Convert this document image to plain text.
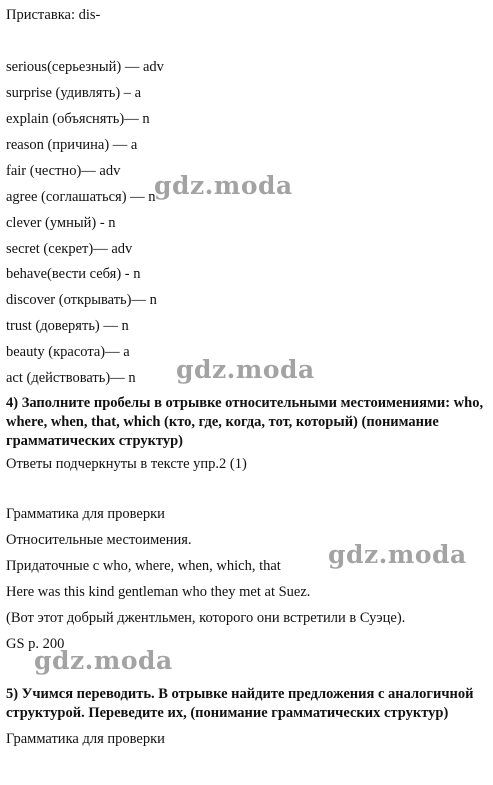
Приставка: dis-
serious(серьезный) — adv
surprise (удивлять) – a
explain (объяснять)— n
reason (причина) — a
fair (честно)— adv
agree (соглашаться) — n
clever (умный) - n
secret (секрет)— adv
behave(вести себя) - n
discover (открывать)— n
trust (доверять) — n
beauty (красота)— a
act (действовать)— n
4) Заполните пробелы в отрывке относительными местоимениями: who, where, when, that, which (кто, где, когда, тот, который) (понимание грамматических структур)
Ответы подчеркнуты в тексте упр.2 (1)
Грамматика для проверки
Относительные местоимения.
Придаточные с who, where, when, which, that
Here was this kind gentleman who they met at Suez.
(Вот этот добрый джентльмен, которого они встретили в Суэце).
GS p. 200
5) Учимся переводить. В отрывке найдите предложения с аналогичной структурой. Переведите их, (понимание грамматических структур)
Грамматика для проверки
gdz.moda
gdz.moda
gdz.moda
gdz.moda
